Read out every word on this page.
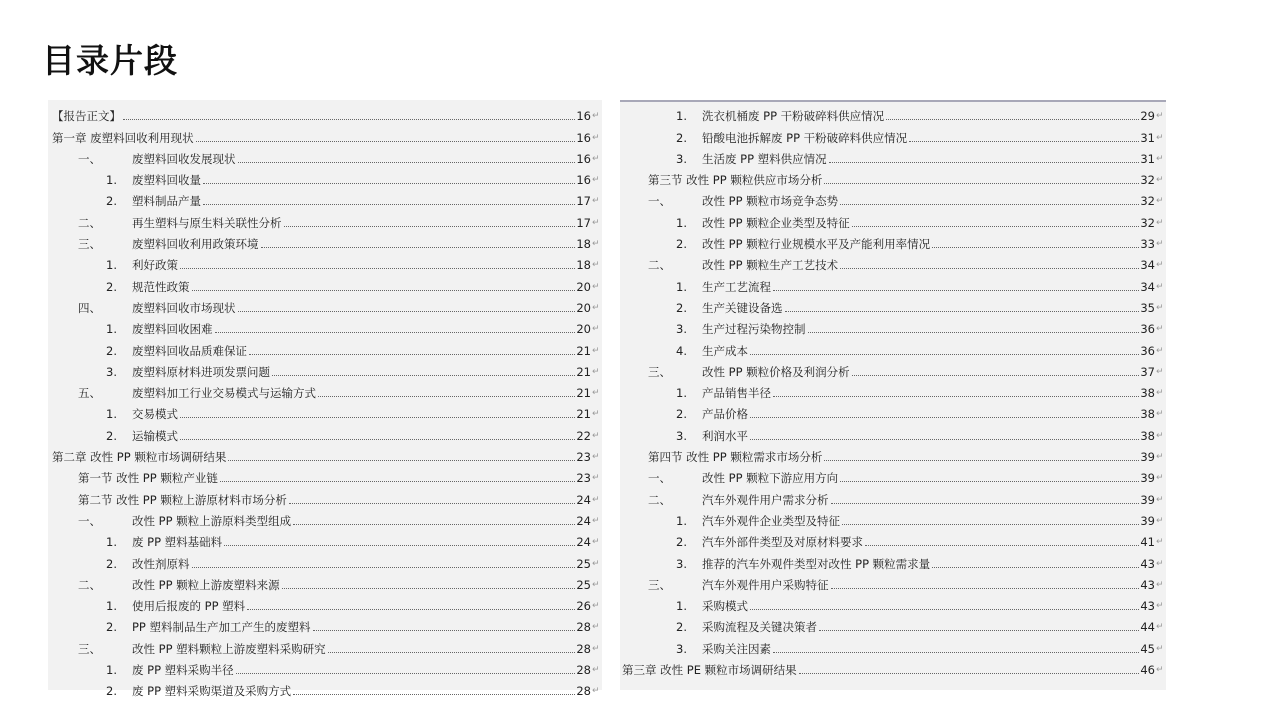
目录片段
【报告正文】	16 ↵
第一章 废塑料回收利用现状	16 ↵
一、	废塑料回收发展现状	16 ↵
1.	废塑料回收量	16 ↵
2.	塑料制品产量	17 ↵
二、	再生塑料与原生料关联性分析	17 ↵
三、	废塑料回收利用政策环境	18 ↵
1.	利好政策	18 ↵
2.	规范性政策	20 ↵
四、	废塑料回收市场现状	20 ↵
1.	废塑料回收困难	20 ↵
2.	废塑料回收品质难保证	21 ↵
3.	废塑料原材料进项发票问题	21 ↵
五、	废塑料加工行业交易模式与运输方式	21 ↵
1.	交易模式	21 ↵
2.	运输模式	22 ↵
第二章 改性 PP 颗粒市场调研结果	23 ↵
第一节 改性 PP 颗粒产业链	23 ↵
第二节 改性 PP 颗粒上游原材料市场分析	24 ↵
一、	改性 PP 颗粒上游原料类型组成	24 ↵
1.	废 PP 塑料基础料	24 ↵
2.	改性剂原料	25 ↵
二、	改性 PP 颗粒上游废塑料来源	25 ↵
1.	使用后报废的 PP 塑料	26 ↵
2.	PP 塑料制品生产加工产生的废塑料	28 ↵
三、	改性 PP 塑料颗粒上游废塑料采购研究	28 ↵
1.	废 PP 塑料采购半径	28 ↵
2.	废 PP 塑料采购渠道及采购方式	28 ↵
1.	洗衣机桶废 PP 干粉破碎料供应情况	29 ↵
2.	铅酸电池拆解废 PP 干粉破碎料供应情况	31 ↵
3.	生活废 PP 塑料供应情况	31 ↵
第三节 改性 PP 颗粒供应市场分析	32 ↵
一、	改性 PP 颗粒市场竞争态势	32 ↵
1.	改性 PP 颗粒企业类型及特征	32 ↵
2.	改性 PP 颗粒行业规模水平及产能利用率情况	33 ↵
二、	改性 PP 颗粒生产工艺技术	34 ↵
1.	生产工艺流程	34 ↵
2.	生产关键设备选	35 ↵
3.	生产过程污染物控制	36 ↵
4.	生产成本	36 ↵
三、	改性 PP 颗粒价格及利润分析	37 ↵
1.	产品销售半径	38 ↵
2.	产品价格	38 ↵
3.	利润水平	38 ↵
第四节 改性 PP 颗粒需求市场分析	39 ↵
一、	改性 PP 颗粒下游应用方向	39 ↵
二、	汽车外观件用户需求分析	39 ↵
1.	汽车外观件企业类型及特征	39 ↵
2.	汽车外部件类型及对原材料要求	41 ↵
3.	推荐的汽车外观件类型对改性 PP 颗粒需求量	43 ↵
三、	汽车外观件用户采购特征	43 ↵
1.	采购模式	43 ↵
2.	采购流程及关键决策者	44 ↵
3.	采购关注因素	45 ↵
第三章 改性 PE 颗粒市场调研结果	46 ↵
